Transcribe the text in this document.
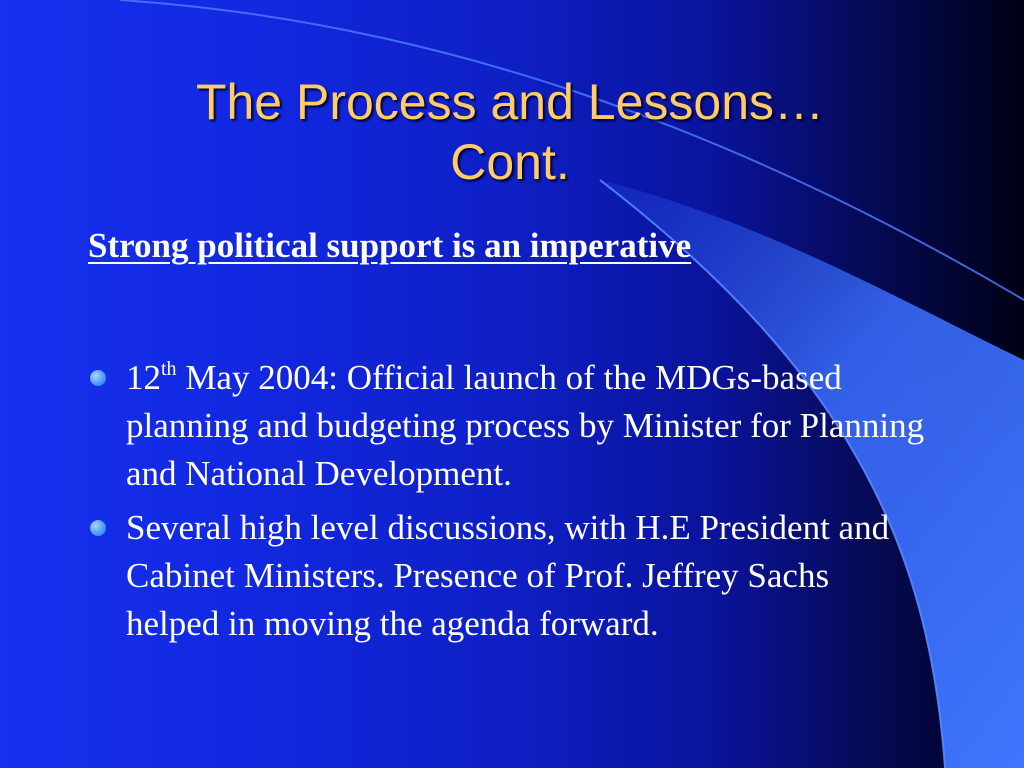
The Process and Lessons…
Cont.
Strong political support is an imperative
12th May 2004: Official launch of the MDGs-based planning and budgeting process by Minister for Planning and National Development.
Several high level discussions, with H.E President and Cabinet Ministers. Presence of Prof. Jeffrey Sachs helped in moving the agenda forward.
